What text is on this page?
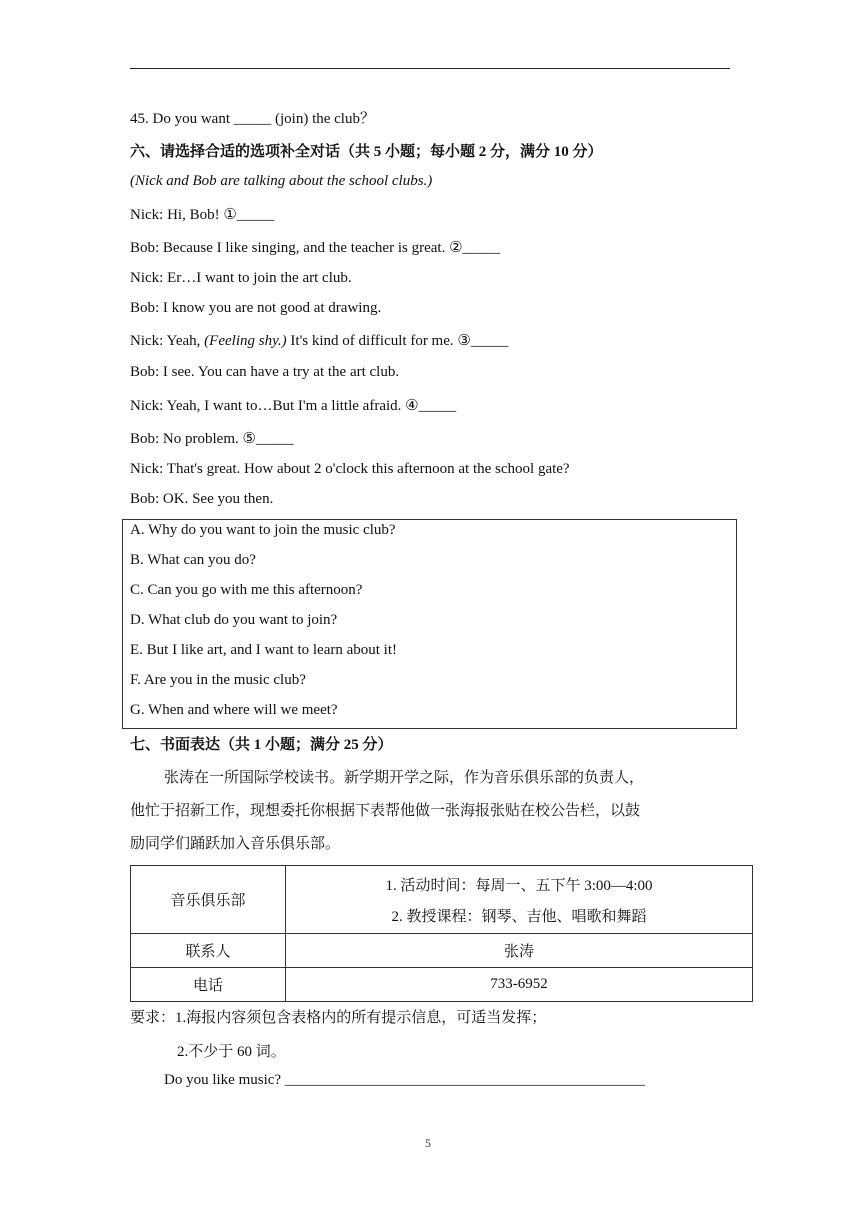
45. Do you want _____ (join) the club？
六、请选择合适的选项补全对话（共 5 小题；每小题 2 分，满分 10 分）
(Nick and Bob are talking about the school clubs.)
Nick: Hi, Bob! ①_____
Bob: Because I like singing, and the teacher is great. ②_____
Nick: Er…I want to join the art club.
Bob: I know you are not good at drawing.
Nick: Yeah, (Feeling shy.) It's kind of difficult for me. ③_____
Bob: I see. You can have a try at the art club.
Nick: Yeah, I want to…But I'm a little afraid. ④_____
Bob: No problem. ⑤_____
Nick: That's great. How about 2 o'clock this afternoon at the school gate?
Bob: OK. See you then.
A. Why do you want to join the music club?
B. What can you do?
C. Can you go with me this afternoon?
D. What club do you want to join?
E. But I like art, and I want to learn about it!
F. Are you in the music club?
G. When and where will we meet?
七、书面表达（共 1 小题；满分 25 分）
张涛在一所国际学校读书。新学期开学之际，作为音乐俱乐部的负责人，
他忙于招新工作，现想委托你根据下表帮他做一张海报张贴在校公告栏，以鼓
励同学们踊跃加入音乐俱乐部。
音乐俱乐部	1. 活动时间：每周一、五下午 3:00—4:00
2. 教授课程：钢琴、吉他、唱歌和舞蹈

联系人	张涛
电话	733-6952
要求：1.海报内容须包含表格内的所有提示信息，可适当发挥；
2.不少于 60 词。
Do you like music? ________________________________________________
5
